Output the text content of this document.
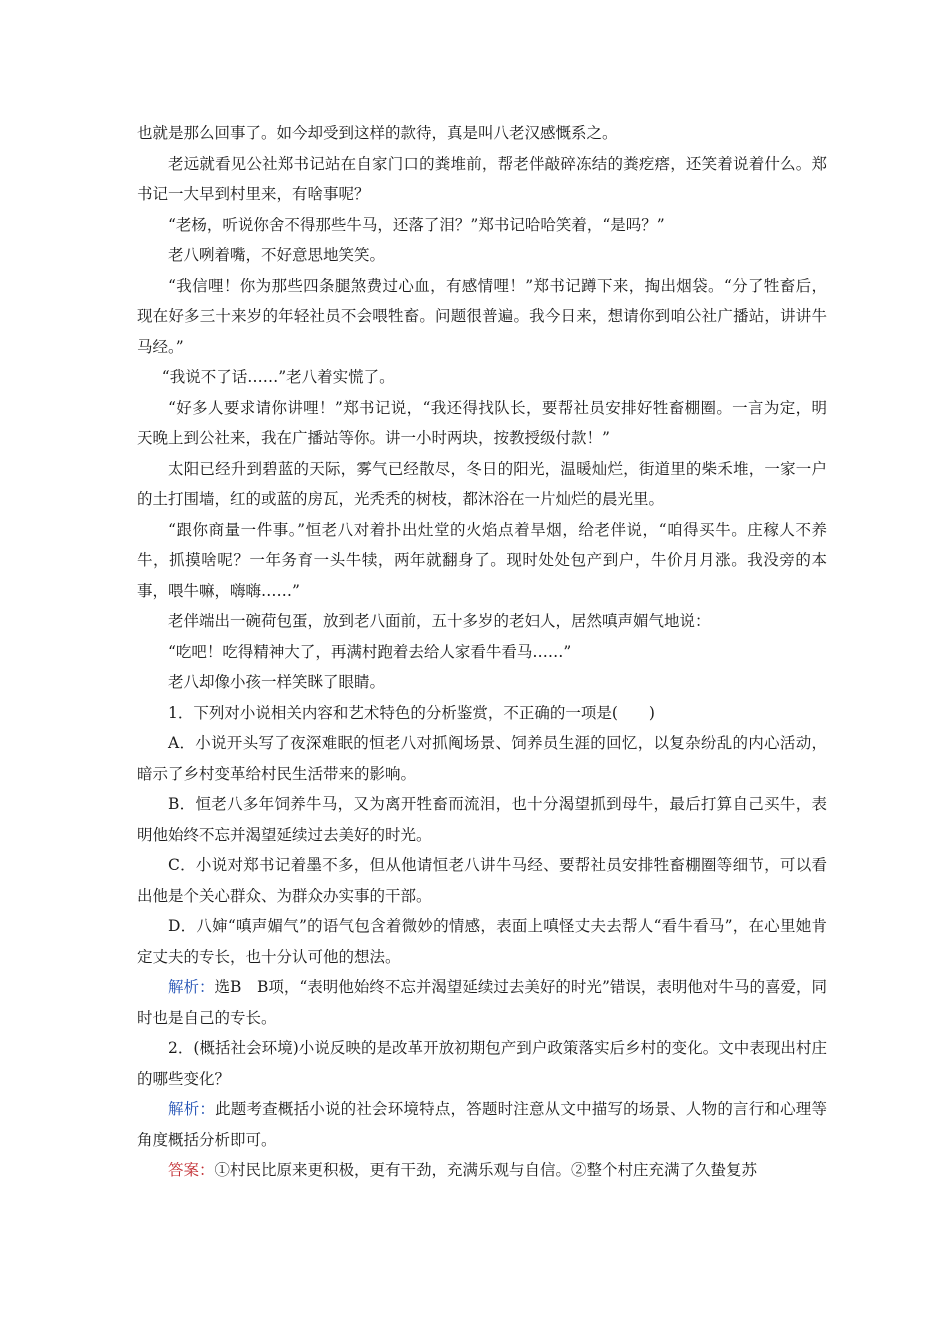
也就是那么回事了。如今却受到这样的款待，真是叫八老汉感慨系之。

老远就看见公社郑书记站在自家门口的粪堆前，帮老伴敲碎冻结的粪疙瘩，还笑着说着什么。郑书记一大早到村里来，有啥事呢？

“老杨，听说你舍不得那些牛马，还落了泪？”郑书记哈哈笑着，“是吗？”

老八咧着嘴，不好意思地笑笑。

“我信哩！你为那些四条腿煞费过心血，有感情哩！”郑书记蹲下来，掏出烟袋。“分了牲畜后，现在好多三十来岁的年轻社员不会喂牲畜。问题很普遍。我今日来，想请你到咱公社广播站，讲讲牛马经。”

“我说不了话……”老八着实慌了。

“好多人要求请你讲哩！”郑书记说，“我还得找队长，要帮社员安排好牲畜棚圈。一言为定，明天晚上到公社来，我在广播站等你。讲一小时两块，按教授级付款！”

太阳已经升到碧蓝的天际，雾气已经散尽，冬日的阳光，温暖灿烂，街道里的柴禾堆，一家一户的土打围墙，红的或蓝的房瓦，光秃秃的树枝，都沐浴在一片灿烂的晨光里。

“跟你商量一件事。”恒老八对着扑出灶堂的火焰点着旱烟，给老伴说，“咱得买牛。庄稼人不养牛，抓摸啥呢？一年务育一头牛犊，两年就翻身了。现时处处包产到户，牛价月月涨。我没旁的本事，喂牛嘛，嗨嗨……”

老伴端出一碗荷包蛋，放到老八面前，五十多岁的老妇人，居然嗔声媚气地说：

“吃吧！吃得精神大了，再满村跑着去给人家看牛看马……”

老八却像小孩一样笑眯了眼睛。

1．下列对小说相关内容和艺术特色的分析鉴赏，不正确的一项是(　　)

A．小说开头写了夜深难眠的恒老八对抓阄场景、饲养员生涯的回忆，以复杂纷乱的内心活动，暗示了乡村变革给村民生活带来的影响。

B．恒老八多年饲养牛马，又为离开牲畜而流泪，也十分渴望抓到母牛，最后打算自己买牛，表明他始终不忘并渴望延续过去美好的时光。

C．小说对郑书记着墨不多，但从他请恒老八讲牛马经、要帮社员安排牲畜棚圈等细节，可以看出他是个关心群众、为群众办实事的干部。

D．八婶“嗔声媚气”的语气包含着微妙的情感，表面上嗔怪丈夫去帮人“看牛看马”，在心里她肯定丈夫的专长，也十分认可他的想法。

解析：选B　B项，“表明他始终不忘并渴望延续过去美好的时光”错误，表明他对牛马的喜爱，同时也是自己的专长。

2．(概括社会环境)小说反映的是改革开放初期包产到户政策落实后乡村的变化。文中表现出村庄的哪些变化？

解析：此题考查概括小说的社会环境特点，答题时注意从文中描写的场景、人物的言行和心理等角度概括分析即可。

答案：①村民比原来更积极，更有干劲，充满乐观与自信。②整个村庄充满了久蛰复苏
